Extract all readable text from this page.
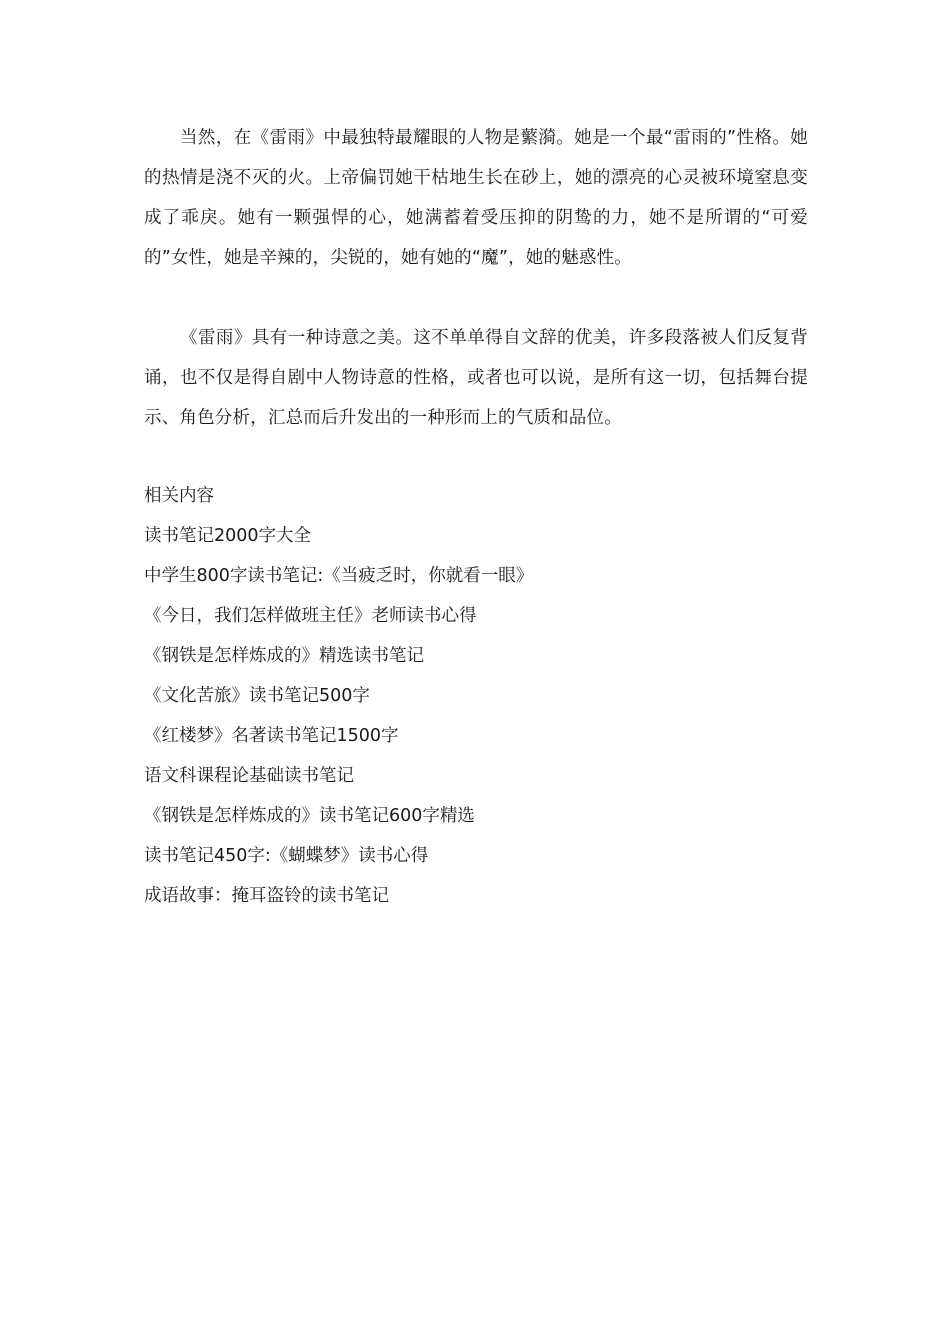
当然，在《雷雨》中最独特最耀眼的人物是蘩漪。她是一个最“雷雨的”性格。她的热情是浇不灭的火。上帝偏罚她干枯地生长在砂上，她的漂亮的心灵被环境窒息变成了乖戾。她有一颗强悍的心，她满蓄着受压抑的阴鸷的力，她不是所谓的“可爱的”女性，她是辛辣的，尖锐的，她有她的“魔”，她的魅惑性。

《雷雨》具有一种诗意之美。这不单单得自文辞的优美，许多段落被人们反复背诵，也不仅是得自剧中人物诗意的性格，或者也可以说，是所有这一切，包括舞台提示、角色分析，汇总而后升发出的一种形而上的气质和品位。

相关内容
读书笔记2000字大全
中学生800字读书笔记:《当疲乏时，你就看一眼》
《今日，我们怎样做班主任》老师读书心得
《钢铁是怎样炼成的》精选读书笔记
《文化苦旅》读书笔记500字
《红楼梦》名著读书笔记1500字
语文科课程论基础读书笔记
《钢铁是怎样炼成的》读书笔记600字精选
读书笔记450字:《蝴蝶梦》读书心得
成语故事：掩耳盗铃的读书笔记
